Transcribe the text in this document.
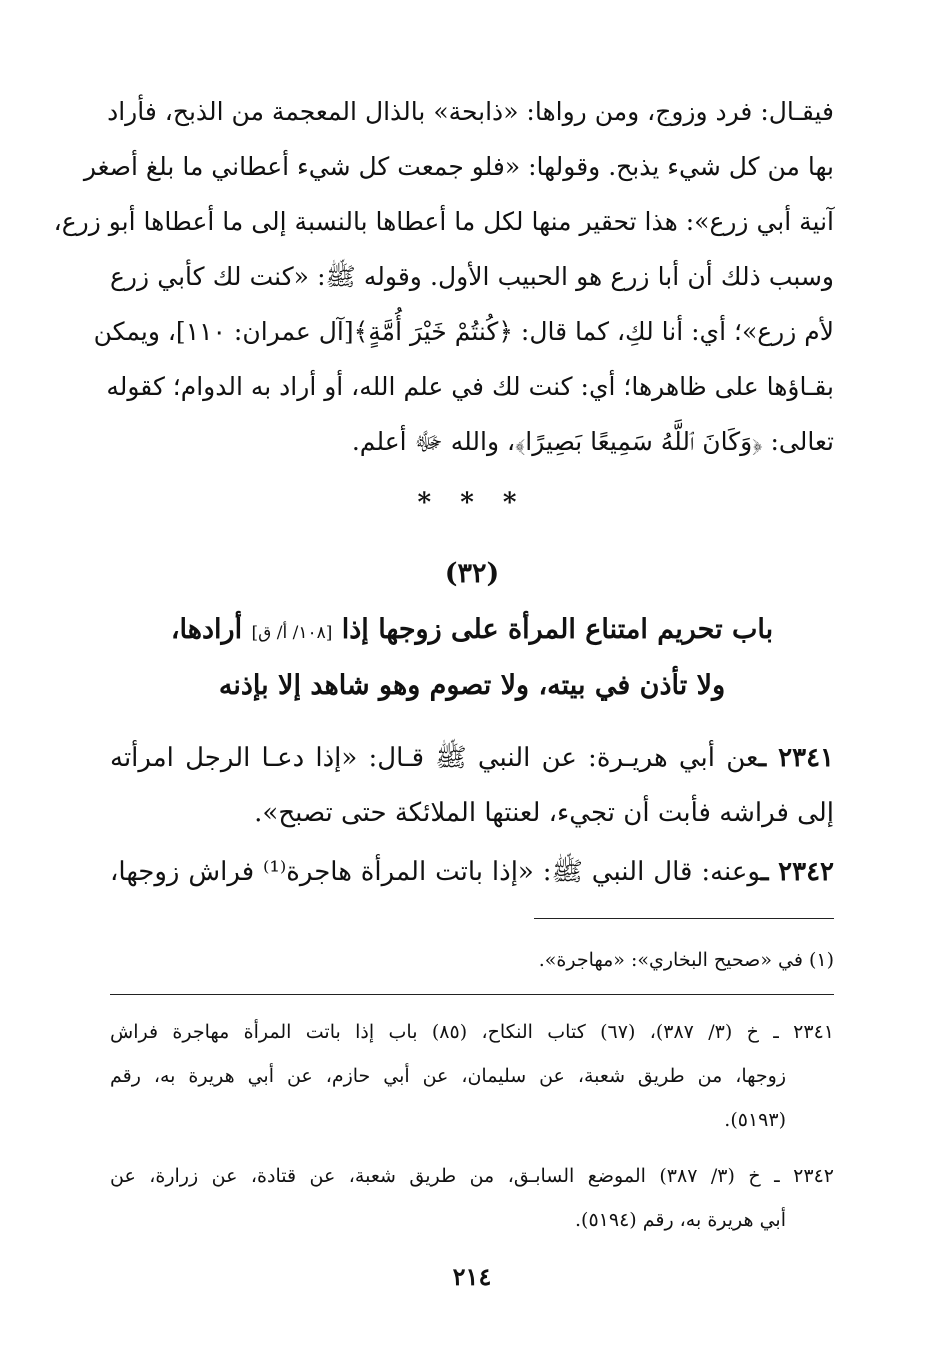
فيقـال: فرد وزوج، ومن رواها: «ذابحة» بالذال المعجمة من الذبح، فأراد
بها من كل شيء يذبح. وقولها: «فلو جمعت كل شيء أعطاني ما بلغ أصغر
آنية أبي زرع»: هذا تحقير منها لكل ما أعطاها بالنسبة إلى ما أعطاها أبو زرع،
وسبب ذلك أن أبا زرع هو الحبيب الأول. وقوله ﷺ: «كنت لك كأبي زرع
لأم زرع»؛ أي: أنا لكِ، كما قال: ﴿كُنتُمْ خَيْرَ أُمَّةٍ﴾[آل عمران: ١١٠]، ويمكن
بقـاؤها على ظاهرها؛ أي: كنت لك في علم الله، أو أراد به الدوام؛ كقوله
تعالى: ﴿وَكَانَ ٱللَّهُ سَمِيعًا بَصِيرًا﴾، والله ﷻ أعلم.
* * *
(٣٢)
باب تحريم امتناع المرأة على زوجها إذا [١٠٨/ أ/ ق] أرادها،
ولا تأذن في بيته، ولا تصوم وهو شاهد إلا بإذنه
٢٣٤١ ـعن أبي هريـرة: عن النبي ﷺ قـال: «إذا دعـا الرجل امرأته
إلى فراشه فأبت أن تجيء، لعنتها الملائكة حتى تصبح».
٢٣٤٢ ـوعنه: قال النبي ﷺ: «إذا باتت المرأة هاجرة⁽¹⁾ فراش زوجها،
(١) في «صحيح البخاري»: «مهاجرة».
٢٣٤١ ـ خ (٣/ ٣٨٧)، (٦٧) كتاب النكاح، (٨٥) باب إذا باتت المرأة مهاجرة فراش
زوجها، من طريق شعبة، عن سليمان، عن أبي حازم، عن أبي هريرة به، رقم
(٥١٩٣).
٢٣٤٢ ـ خ (٣/ ٣٨٧) الموضع السابـق، من طريق شعبة، عن قتادة، عن زرارة، عن
أبي هريرة به، رقم (٥١٩٤).
٢١٤
